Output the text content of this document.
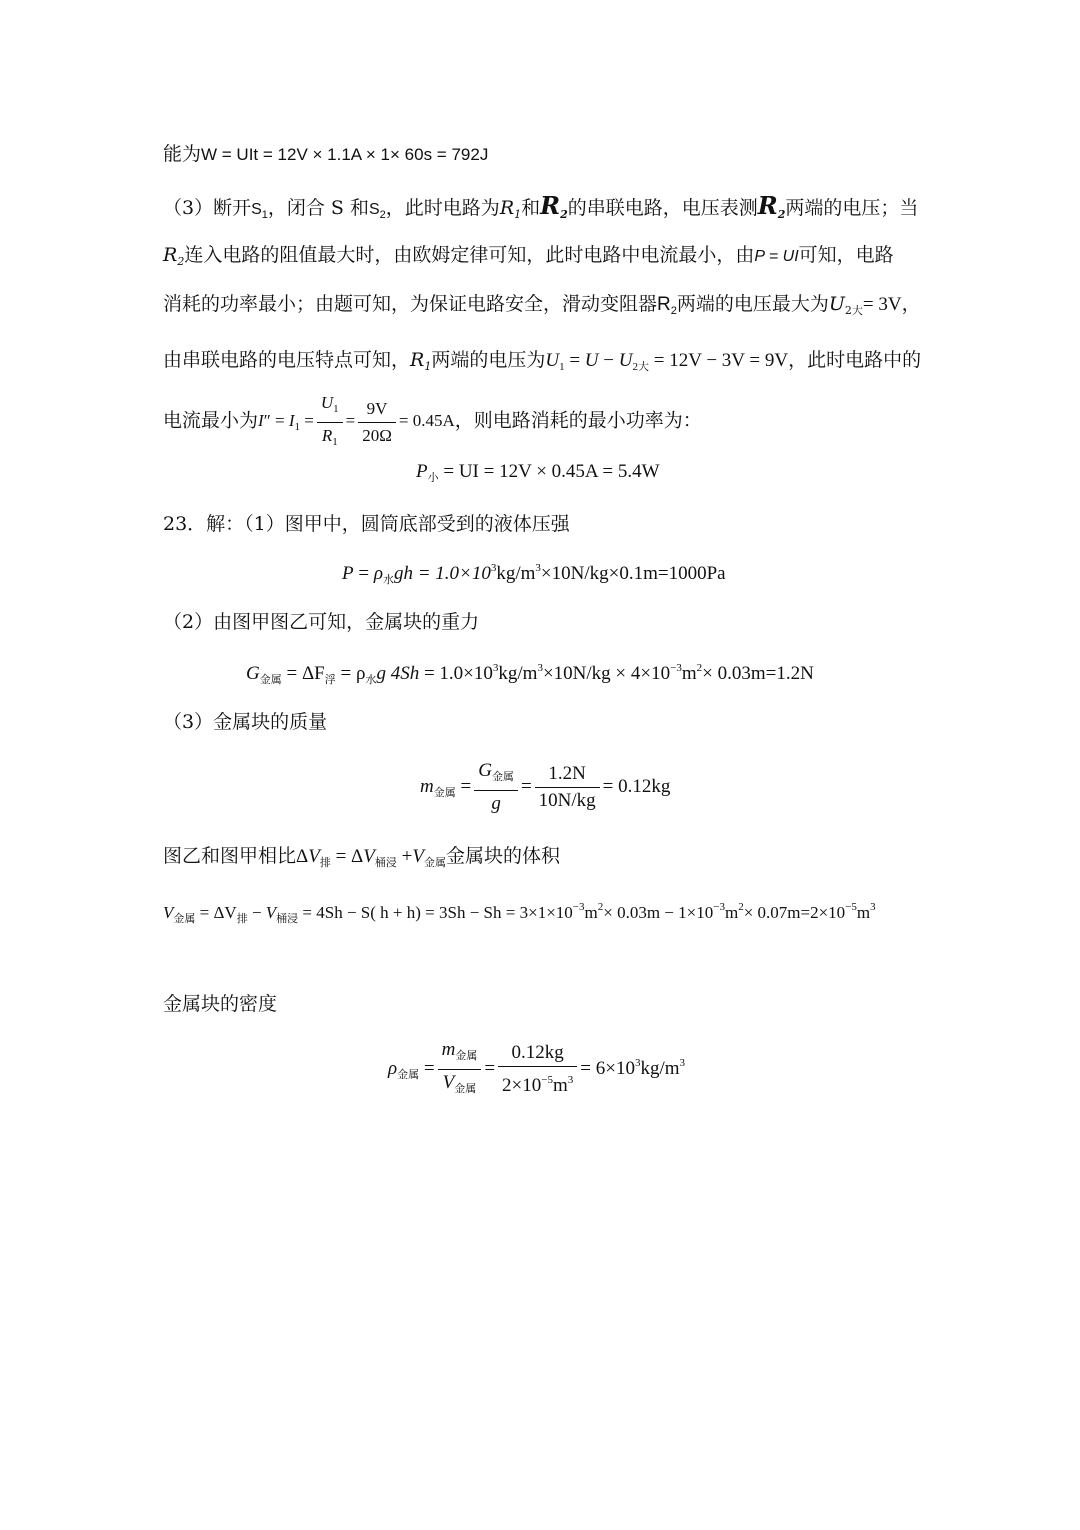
能为W = UIt = 12V × 1.1A × 1× 60s = 792J
（3）断开$S_1$，闭合 S 和$S_2$，此时电路为$R_1$和R2的串联电路，电压表测R2两端的电压；当
$R_2$连入电路的阻值最大时，由欧姆定律可知，此时电路中电流最小，由P = UI可知，电路
消耗的功率最小；由题可知，为保证电路安全，滑动变阻器$R_2$两端的电压最大为$U_{2大}= 3V$，
由串联电路的电压特点可知，$R_1$两端的电压为$U_1 = U - U_{2大} = 12V - 3V = 9V$，此时电路中的
电流最小为$I'' = I_1 = \frac{U_1}{R_1} = \frac{9V}{20\Omega} = 0.45A$，则电路消耗的最小功率为：
$P_小$ = UI = 12V × 0.45A = 5.4W
23．解：（1）图甲中，圆筒底部受到的液体压强
$P = \rho_水gh = 1.0\times 10^3kg/m^3\times 10N/kg\times 0.1m=1000Pa$
（2）由图甲图乙可知，金属块的重力
$G_{金属} = \Delta F_浮 = \rho_水g$ $4Sh = 1.0\times 10^3kg/m^3\times 10N/kg \times 4\times 10^{-3}m^2\times 0.03m=1.2N$
（3）金属块的质量
$m_{金属} = \frac{G_{金属}}{g} = \frac{1.2N}{10N/kg} = 0.12kg$
图乙和图甲相比$\Delta V_排 = \Delta V_{桶浸} +V_{金属}$金属块的体积
$V_{金属} = \Delta V_排 - V_{桶浸} = 4Sh - S$( $h + h) = 3Sh - Sh = 3\times 1\times 10^{-3}m^2\times 0.03m - 1\times 10^{-3}m^2\times 0.07m=2\times 10^{-5}m^3$
金属块的密度
$\rho_{金属} = \frac{m_{金属}}{V_{金属}} = \frac{0.12kg}{2\times 10^{-5}m^3} = 6\times 10^3kg/m^3$
